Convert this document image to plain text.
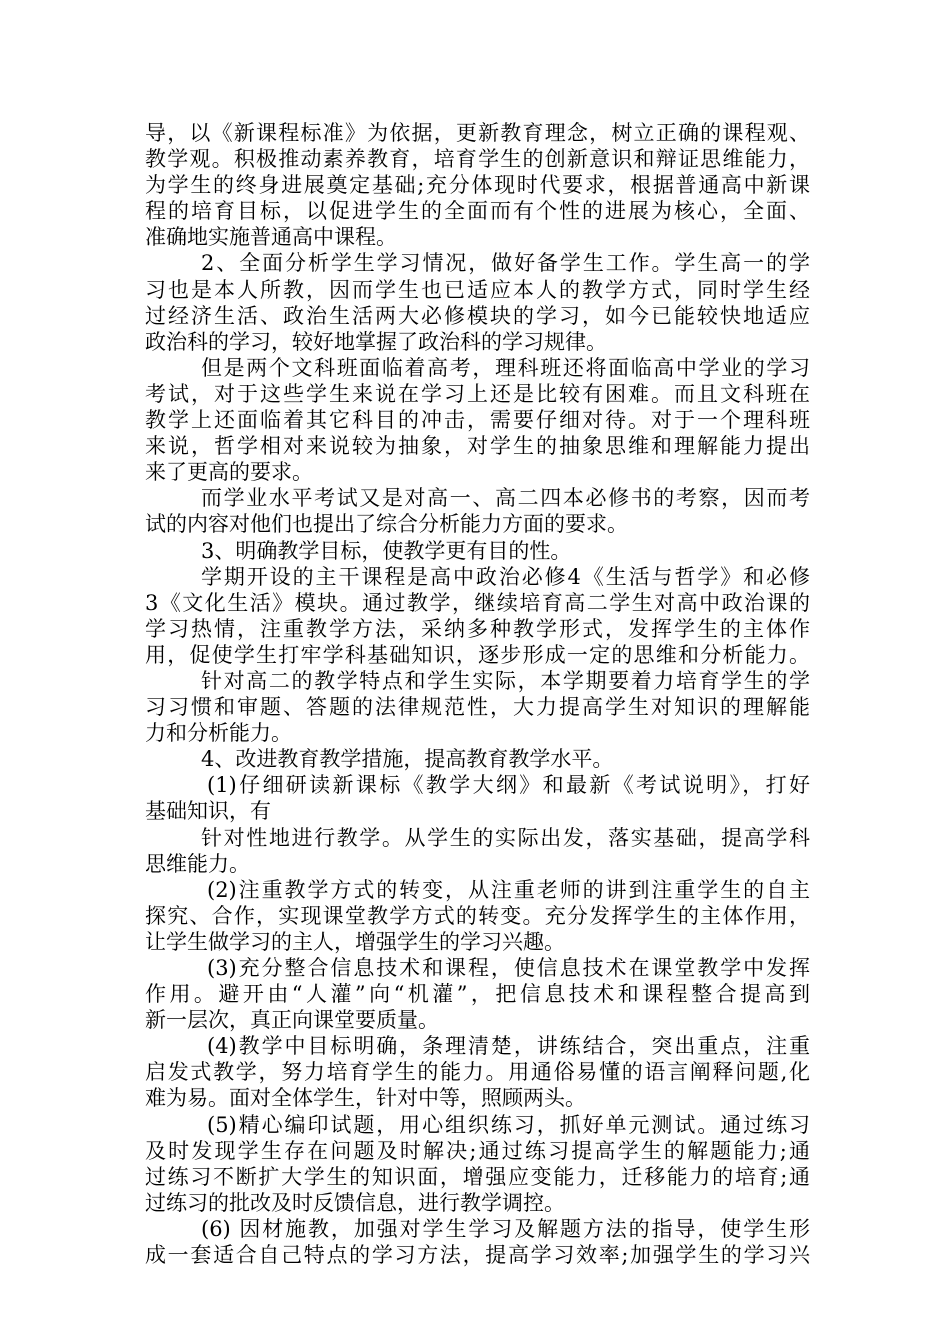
导，以《新课程标准》为依据，更新教育理念，树立正确的课程观、
教学观。积极推动素养教育，培育学生的创新意识和辩证思维能力，
为学生的终身进展奠定基础;充分体现时代要求，根据普通高中新课
程的培育目标，以促进学生的全面而有个性的进展为核心，全面、
准确地实施普通高中课程。
2、全面分析学生学习情况，做好备学生工作。学生高一的学
习也是本人所教，因而学生也已适应本人的教学方式，同时学生经
过经济生活、政治生活两大必修模块的学习，如今已能较快地适应
政治科的学习，较好地掌握了政治科的学习规律。
但是两个文科班面临着高考，理科班还将面临高中学业的学习
考试，对于这些学生来说在学习上还是比较有困难。而且文科班在
教学上还面临着其它科目的冲击，需要仔细对待。对于一个理科班
来说，哲学相对来说较为抽象，对学生的抽象思维和理解能力提出
来了更高的要求。
而学业水平考试又是对高一、高二四本必修书的考察，因而考
试的内容对他们也提出了综合分析能力方面的要求。
3、明确教学目标，使教学更有目的性。
学期开设的主干课程是高中政治必修4《生活与哲学》和必修
3《文化生活》模块。通过教学，继续培育高二学生对高中政治课的
学习热情，注重教学方法，采纳多种教学形式，发挥学生的主体作
用，促使学生打牢学科基础知识，逐步形成一定的思维和分析能力。
针对高二的教学特点和学生实际，本学期要着力培育学生的学
习习惯和审题、答题的法律规范性，大力提高学生对知识的理解能
力和分析能力。
4、改进教育教学措施，提高教育教学水平。
(1)仔细研读新课标《教学大纲》和最新《考试说明》，打好
基础知识，有
针对性地进行教学。从学生的实际出发，落实基础，提高学科
思维能力。
(2)注重教学方式的转变，从注重老师的讲到注重学生的自主
探究、合作，实现课堂教学方式的转变。充分发挥学生的主体作用，
让学生做学习的主人，增强学生的学习兴趣。
(3)充分整合信息技术和课程，使信息技术在课堂教学中发挥
作用。避开由“人灌”向“机灌”，把信息技术和课程整合提高到
新一层次，真正向课堂要质量。
(4)教学中目标明确，条理清楚，讲练结合，突出重点，注重
启发式教学，努力培育学生的能力。用通俗易懂的语言阐释问题,化
难为易。面对全体学生，针对中等，照顾两头。
(5)精心编印试题，用心组织练习，抓好单元测试。通过练习
及时发现学生存在问题及时解决;通过练习提高学生的解题能力;通
过练习不断扩大学生的知识面，增强应变能力，迁移能力的培育;通
过练习的批改及时反馈信息，进行教学调控。
(6) 因材施教，加强对学生学习及解题方法的指导，使学生形
成一套适合自己特点的学习方法，提高学习效率;加强学生的学习兴
